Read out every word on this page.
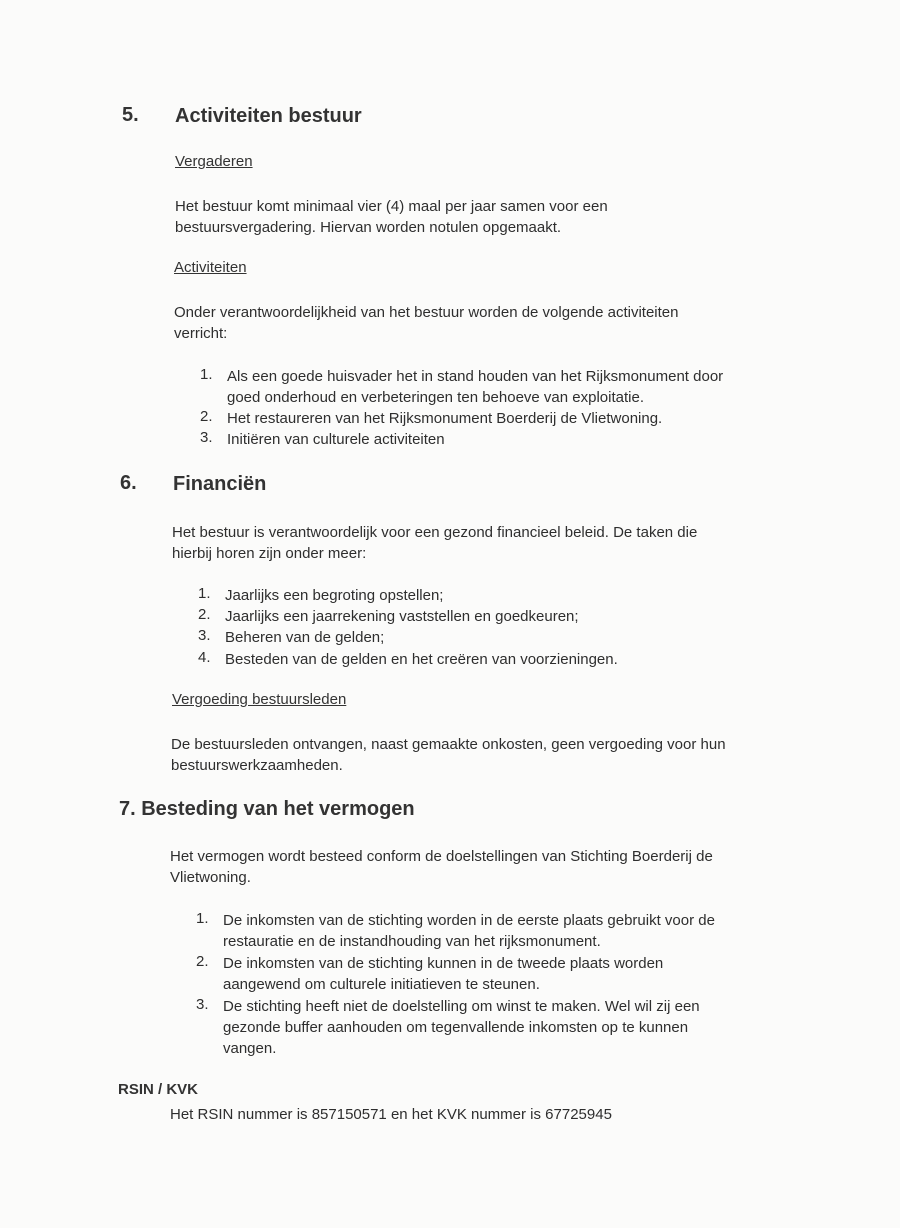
5. Activiteiten bestuur
Vergaderen
Het bestuur komt minimaal vier (4) maal per jaar samen voor een
bestuursvergadering. Hiervan worden notulen opgemaakt.
Activiteiten
Onder verantwoordelijkheid van het bestuur worden de volgende activiteiten
verricht:
1. Als een goede huisvader het in stand houden van het Rijksmonument door
goed onderhoud en verbeteringen ten behoeve van exploitatie.
2. Het restaureren van het Rijksmonument Boerderij de Vlietwoning.
3. Initiëren van culturele activiteiten
6. Financiën
Het bestuur is verantwoordelijk voor een gezond financieel beleid. De taken die
hierbij horen zijn onder meer:
1. Jaarlijks een begroting opstellen;
2. Jaarlijks een jaarrekening vaststellen en goedkeuren;
3. Beheren van de gelden;
4. Besteden van de gelden en het creëren van voorzieningen.
Vergoeding bestuursleden
De bestuursleden ontvangen, naast gemaakte onkosten, geen vergoeding voor hun
bestuurswerkzaamheden.
7. Besteding van het vermogen
Het vermogen wordt besteed conform de doelstellingen van Stichting Boerderij de
Vlietwoning.
1. De inkomsten van de stichting worden in de eerste plaats gebruikt voor de
restauratie en de instandhouding van het rijksmonument.
2. De inkomsten van de stichting kunnen in de tweede plaats worden
aangewend om culturele initiatieven te steunen.
3. De stichting heeft niet de doelstelling om winst te maken. Wel wil zij een
gezonde buffer aanhouden om tegenvallende inkomsten op te kunnen
vangen.
RSIN / KVK
Het RSIN nummer is 857150571 en het KVK nummer is 67725945
